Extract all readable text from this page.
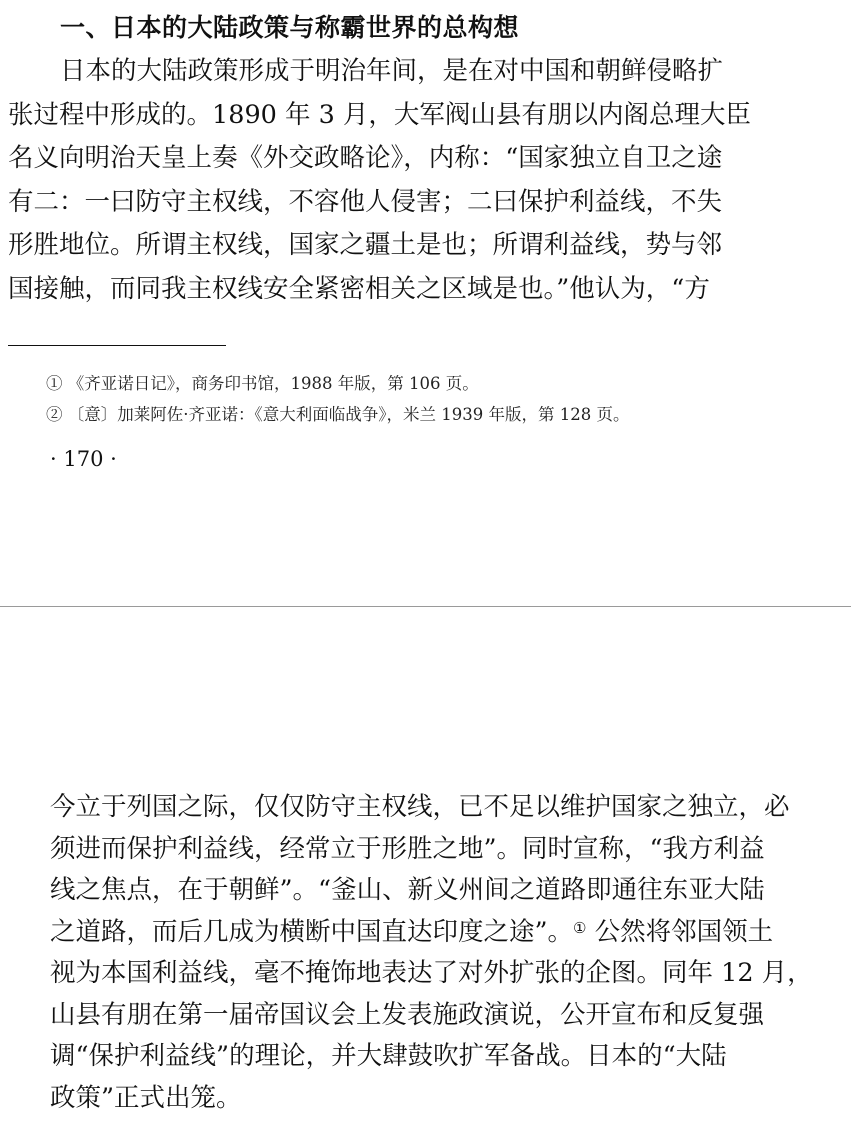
一、日本的大陆政策与称霸世界的总构想

日本的大陆政策形成于明治年间，是在对中国和朝鲜侵略扩
张过程中形成的。1890 年 3 月，大军阀山县有朋以内阁总理大臣
名义向明治天皇上奏《外交政略论》，内称：“国家独立自卫之途
有二：一曰防守主权线，不容他人侵害；二曰保护利益线，不失
形胜地位。所谓主权线，国家之疆土是也；所谓利益线，势与邻
国接触，而同我主权线安全紧密相关之区域是也。”他认为，“方

① 《齐亚诺日记》，商务印书馆，1988 年版，第 106 页。
② 〔意〕加莱阿佐·齐亚诺：《意大利面临战争》，米兰 1939 年版，第 128 页。
· 170 ·

今立于列国之际，仅仅防守主权线，已不足以维护国家之独立，必
须进而保护利益线，经常立于形胜之地”。同时宣称，“我方利益
线之焦点，在于朝鲜”。“釜山、新义州间之道路即通往东亚大陆
之道路，而后几成为横断中国直达印度之途”。① 公然将邻国领土
视为本国利益线，毫不掩饰地表达了对外扩张的企图。同年 12 月，
山县有朋在第一届帝国议会上发表施政演说，公开宣布和反复强
调“保护利益线”的理论，并大肆鼓吹扩军备战。日本的“大陆
政策”正式出笼。
